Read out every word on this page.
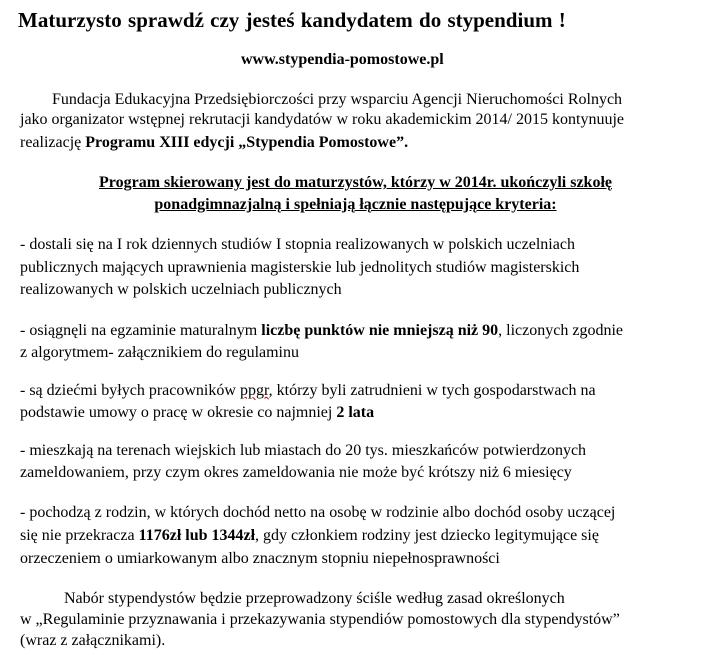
Maturzysto sprawdź czy jesteś kandydatem do stypendium !
www.stypendia-pomostowe.pl
Fundacja Edukacyjna Przedsiębiorczości przy wsparciu Agencji Nieruchomości Rolnych
jako organizator wstępnej rekrutacji kandydatów w roku akademickim 2014/ 2015 kontynuuje
realizację Programu XIII edycji „Stypendia Pomostowe”.
Program skierowany jest do maturzystów, którzy w 2014r. ukończyli szkołę
ponadgimnazjalną i spełniają łącznie następujące kryteria:
- dostali się na I rok dziennych studiów I stopnia realizowanych w polskich uczelniach
publicznych mających uprawnienia magisterskie lub jednolitych studiów magisterskich
realizowanych w polskich uczelniach publicznych
- osiągnęli na egzaminie maturalnym liczbę punktów nie mniejszą niż 90, liczonych zgodnie
z algorytmem- załącznikiem do regulaminu
- są dziećmi byłych pracowników ppgr, którzy byli zatrudnieni w tych gospodarstwach na
podstawie umowy o pracę w okresie co najmniej 2 lata
- mieszkają na terenach wiejskich lub miastach do 20 tys. mieszkańców potwierdzonych
zameldowaniem, przy czym okres zameldowania nie może być krótszy niż 6 miesięcy
- pochodzą z rodzin, w których dochód netto na osobę w rodzinie albo dochód osoby uczącej
się nie przekracza 1176zł lub 1344zł, gdy członkiem rodziny jest dziecko legitymujące się
orzeczeniem o umiarkowanym albo znacznym stopniu niepełnosprawności
Nabór stypendystów będzie przeprowadzony ściśle według zasad określonych
w „Regulaminie przyznawania i przekazywania stypendiów pomostowych dla stypendystów”
(wraz z załącznikami).
